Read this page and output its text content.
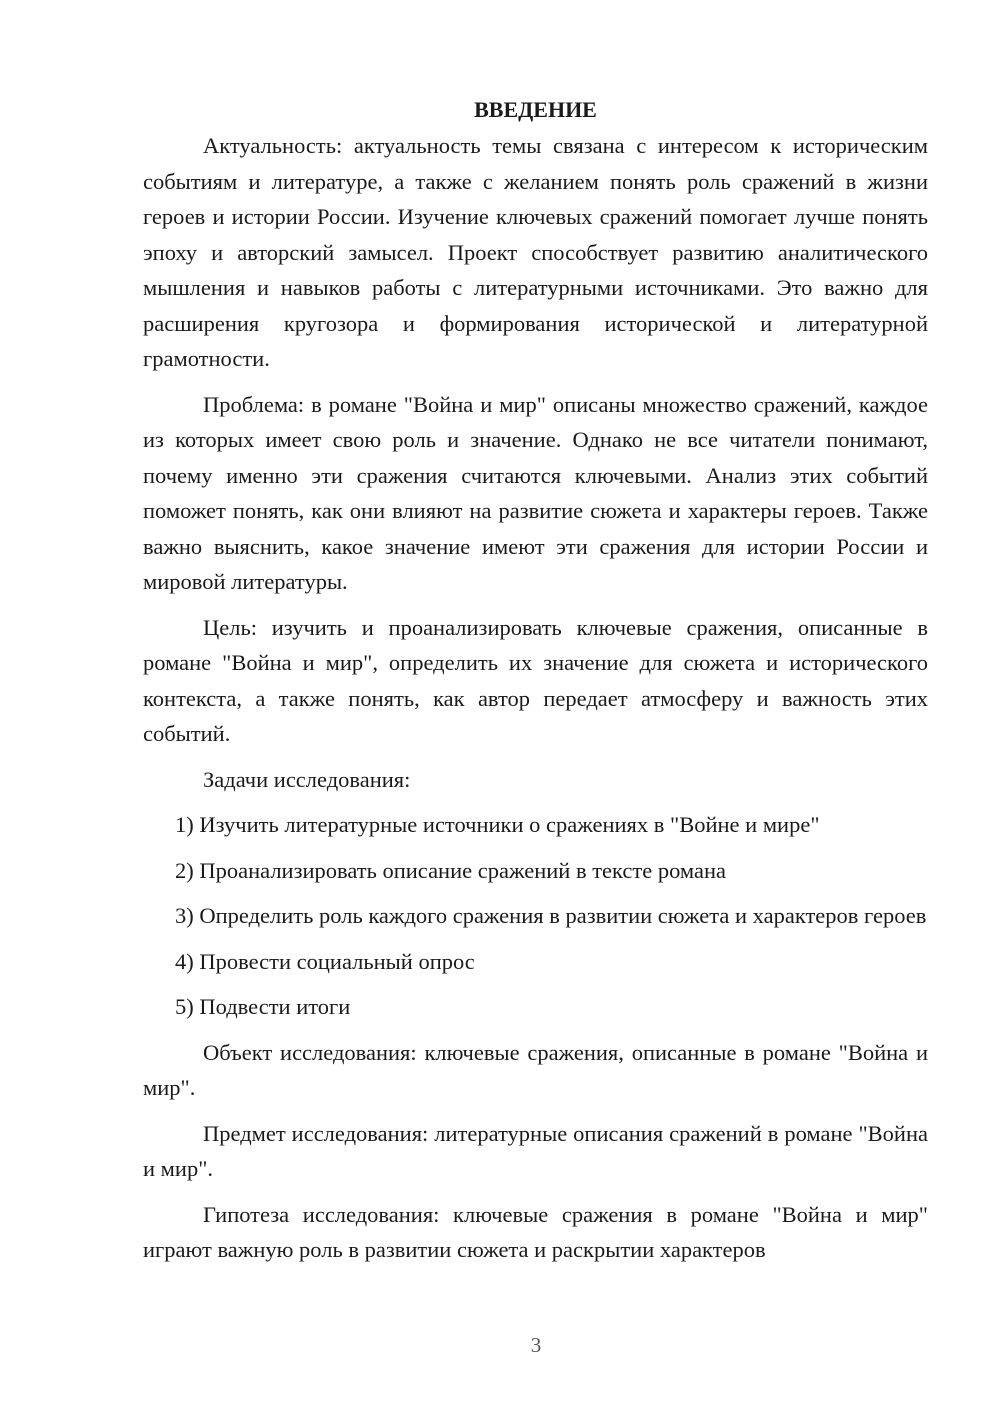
ВВЕДЕНИЕ

Актуальность: актуальность темы связана с интересом к историческим событиям и литературе, а также с желанием понять роль сражений в жизни героев и истории России. Изучение ключевых сражений помогает лучше понять эпоху и авторский замысел. Проект способствует развитию аналитического мышления и навыков работы с литературными источниками. Это важно для расширения кругозора и формирования исторической и литературной грамотности.

Проблема: в романе "Война и мир" описаны множество сражений, каждое из которых имеет свою роль и значение. Однако не все читатели понимают, почему именно эти сражения считаются ключевыми. Анализ этих событий поможет понять, как они влияют на развитие сюжета и характеры героев. Также важно выяснить, какое значение имеют эти сражения для истории России и мировой литературы.

Цель: изучить и проанализировать ключевые сражения, описанные в романе "Война и мир", определить их значение для сюжета и исторического контекста, а также понять, как автор передает атмосферу и важность этих событий.

Задачи исследования:

1) Изучить литературные источники о сражениях в "Войне и мире"

2) Проанализировать описание сражений в тексте романа

3) Определить роль каждого сражения в развитии сюжета и характеров героев

4) Провести социальный опрос

5) Подвести итоги

Объект исследования: ключевые сражения, описанные в романе "Война и мир".

Предмет исследования: литературные описания сражений в романе "Война и мир".

Гипотеза исследования: ключевые сражения в романе "Война и мир" играют важную роль в развитии сюжета и раскрытии характеров

3
